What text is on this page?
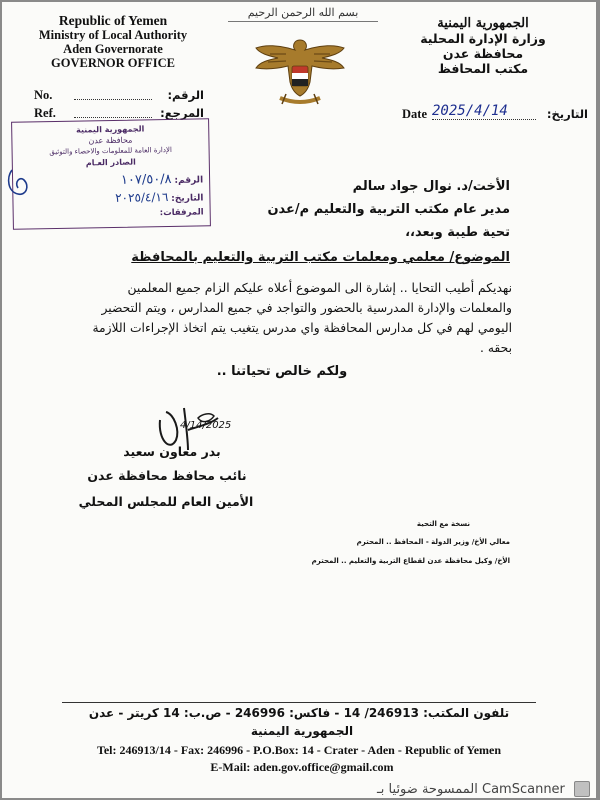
Republic of Yemen
Ministry of Local Authority
Aden Governorate
GOVERNOR OFFICE
No.	الرقم:
Ref.	المرجع:
بسم الله الرحمن الرحيم
الجمهورية اليمنية
وزارة الإدارة المحلية
محافظة عدن
مكتب المحافظ
Date 2025/4/14	التاريخ:
الجمهورية اليمنية
محافظة عدن
الإدارة العامة للمعلومات والاحصاء والتوثيق
الصادر العـام
الرقم: ١٠٧/٥٠/٨
التاريخ: ٢٠٢٥/٤/١٦
المرفقات:
الأخت/د. نوال جواد سالم
مدير عام مكتب التربية والتعليم م/عدن
تحية طيبة وبعد،،
الموضوع/ معلمي ومعلمات مكتب التربية والتعليم بالمحافظة
نهديكم أطيب التحايا .. إشارة الى الموضوع أعلاه عليكم الزام جميع المعلمين
والمعلمات والإدارة المدرسية بالحضور والتواجد في جميع المدارس ، ويتم التحضير
اليومي لهم في كل مدارس المحافظة واي مدرس يتغيب يتم اتخاذ الإجراءات اللازمة
بحقه .
ولكم خالص تحياتنا ..
4/14/2025
بدر معاون سعيد
نائب محافظ محافظة عدن
الأمين العام للمجلس المحلي
نسخة مع التحية
معالي الأخ/ وزير الدولة - المحافظ .. المحترم
الأخ/ وكيل محافظة عدن لقطاع التربية والتعليم .. المحترم
تلفون المكتب: 246913/ 14 - فاكس: 246996 - ص.ب: 14 كريتر - عدن
الجمهورية اليمنية
Tel: 246913/14 - Fax: 246996 - P.O.Box: 14 - Crater - Aden - Republic of Yemen
E-Mail: aden.gov.office@gmail.com
الممسوحة ضوئيا بـ CamScanner
